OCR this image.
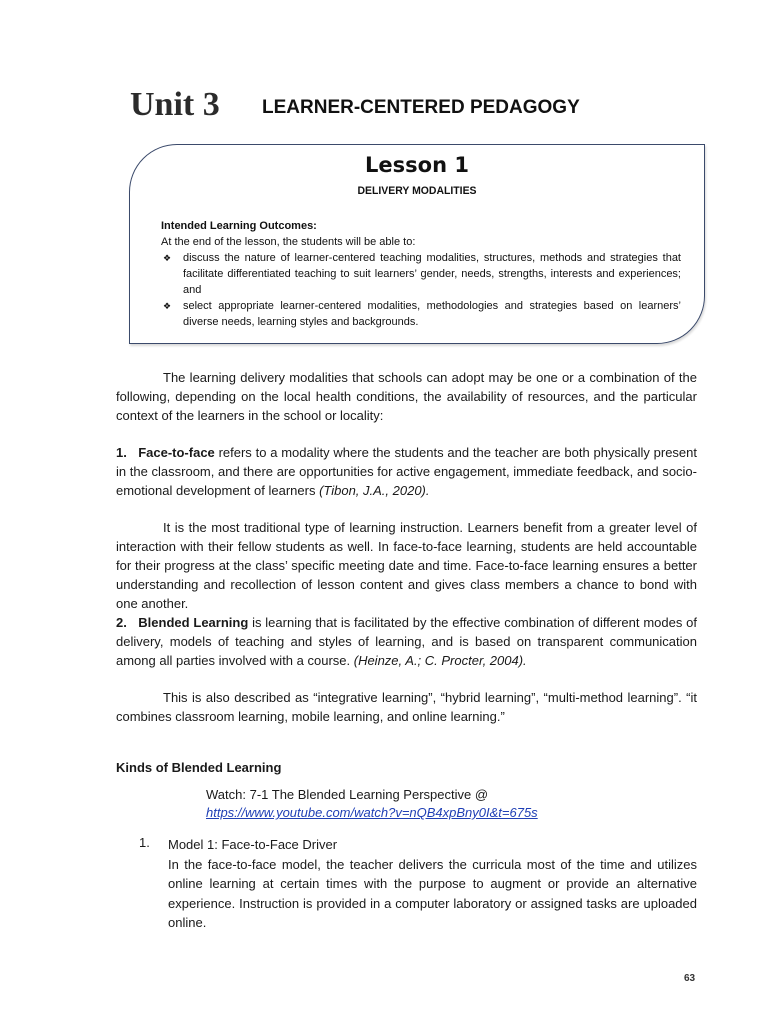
Unit 3 LEARNER-CENTERED PEDAGOGY
Lesson 1
DELIVERY MODALITIES
Intended Learning Outcomes:
At the end of the lesson, the students will be able to:
❖ discuss the nature of learner-centered teaching modalities, structures, methods and strategies that facilitate differentiated teaching to suit learners’ gender, needs, strengths, interests and experiences; and
❖ select appropriate learner-centered modalities, methodologies and strategies based on learners’ diverse needs, learning styles and backgrounds.

The learning delivery modalities that schools can adopt may be one or a combination of the following, depending on the local health conditions, the availability of resources, and the particular context of the learners in the school or locality:

1. Face-to-face refers to a modality where the students and the teacher are both physically present in the classroom, and there are opportunities for active engagement, immediate feedback, and socio-emotional development of learners (Tibon, J.A., 2020).

It is the most traditional type of learning instruction. Learners benefit from a greater level of interaction with their fellow students as well. In face-to-face learning, students are held accountable for their progress at the class’ specific meeting date and time. Face-to-face learning ensures a better understanding and recollection of lesson content and gives class members a chance to bond with one another.

2. Blended Learning is learning that is facilitated by the effective combination of different modes of delivery, models of teaching and styles of learning, and is based on transparent communication among all parties involved with a course. (Heinze, A.; C. Procter, 2004).

This is also described as “integrative learning”, “hybrid learning”, “multi-method learning”. “it combines classroom learning, mobile learning, and online learning.”

Kinds of Blended Learning
Watch: 7-1 The Blended Learning Perspective @
https://www.youtube.com/watch?v=nQB4xpBny0I&t=675s
1. Model 1: Face-to-Face Driver
In the face-to-face model, the teacher delivers the curricula most of the time and utilizes online learning at certain times with the purpose to augment or provide an alternative experience. Instruction is provided in a computer laboratory or assigned tasks are uploaded online.
63
